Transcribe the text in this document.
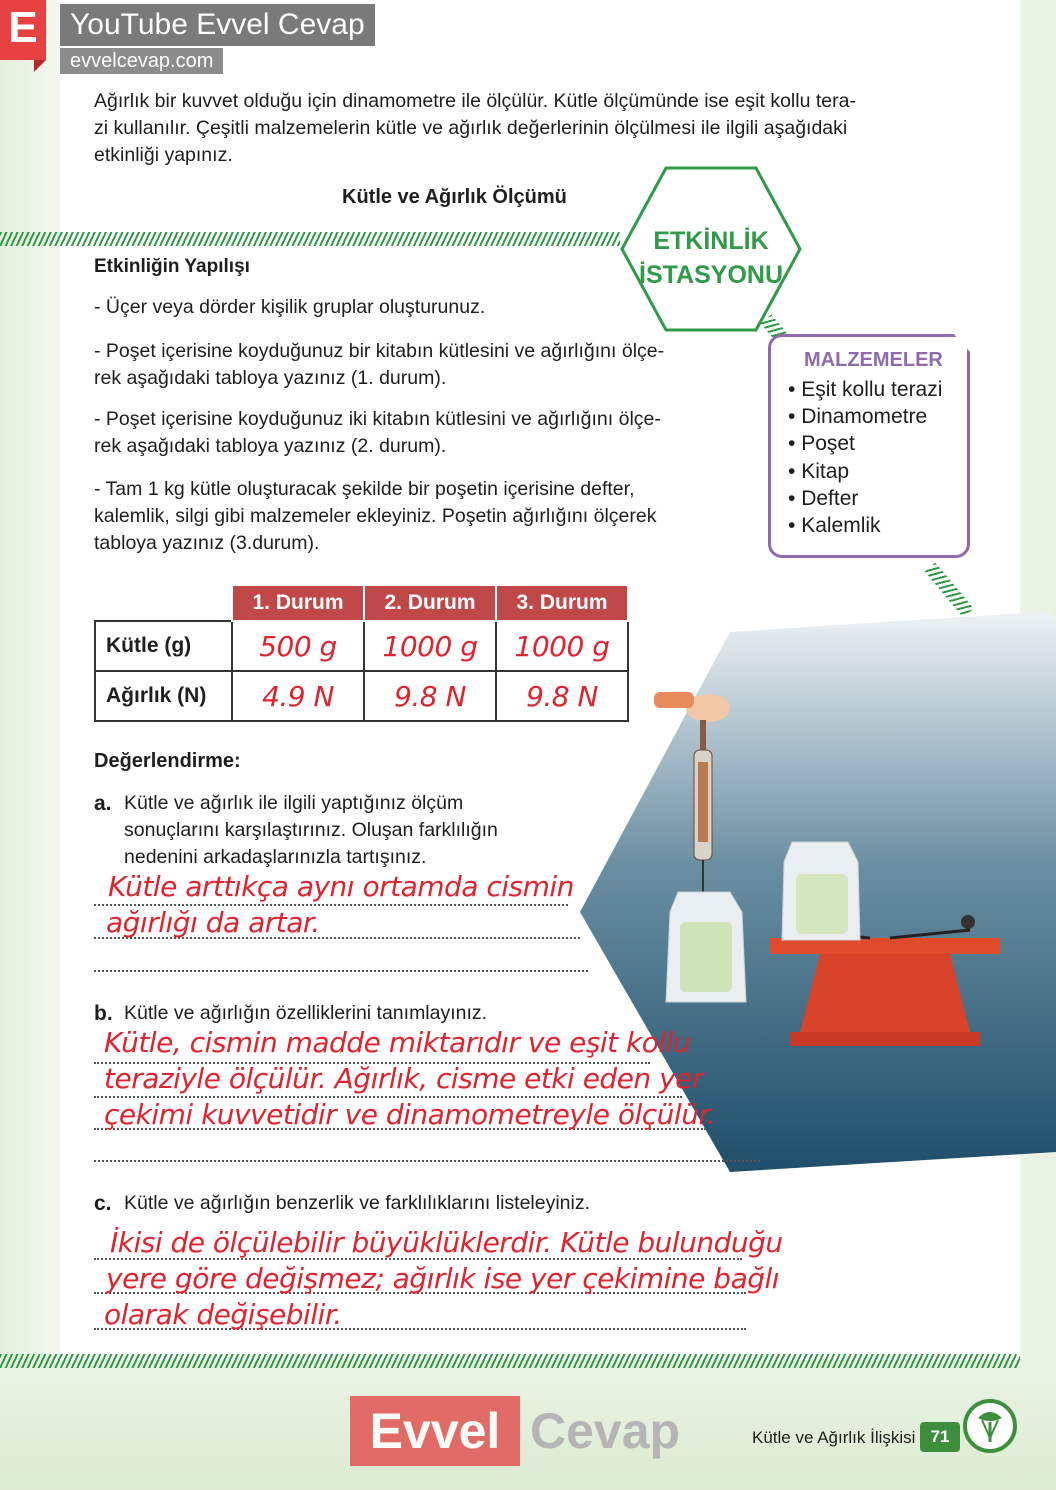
E	YouTube Evvel Cevap
evvelcevap.com
Ağırlık bir kuvvet olduğu için dinamometre ile ölçülür. Kütle ölçümünde ise eşit kollu tera-
zi kullanılır. Çeşitli malzemelerin kütle ve ağırlık değerlerinin ölçülmesi ile ilgili aşağıdaki
etkinliği yapınız.
Kütle ve Ağırlık Ölçümü
ETKİNLİK
İSTASYONU
Etkinliğin Yapılışı
- Üçer veya dörder kişilik gruplar oluşturunuz.
- Poşet içerisine koyduğunuz bir kitabın kütlesini ve ağırlığını ölçe-
rek aşağıdaki tabloya yazınız (1. durum).
- Poşet içerisine koyduğunuz iki kitabın kütlesini ve ağırlığını ölçe-
rek aşağıdaki tabloya yazınız (2. durum).
- Tam 1 kg kütle oluşturacak şekilde bir poşetin içerisine defter,
kalemlik, silgi gibi malzemeler ekleyiniz. Poşetin ağırlığını ölçerek
tabloya yazınız (3.durum).
MALZEMELER
• Eşit kollu terazi
• Dinamometre
• Poşet
• Kitap
• Defter
• Kalemlik
	1. Durum	2. Durum	3. Durum
Kütle (g)	500 g	1000 g	1000 g
Ağırlık (N)	4.9 N	9.8 N	9.8 N
Değerlendirme:
a. Kütle ve ağırlık ile ilgili yaptığınız ölçüm
sonuçlarını karşılaştırınız. Oluşan farklılığın
nedenini arkadaşlarınızla tartışınız.
Kütle arttıkça aynı ortamda cismin
ağırlığı da artar.
b. Kütle ve ağırlığın özelliklerini tanımlayınız.
Kütle, cismin madde miktarıdır ve eşit kollu
teraziyle ölçülür. Ağırlık, cisme etki eden yer
çekimi kuvvetidir ve dinamometreyle ölçülür.
c. Kütle ve ağırlığın benzerlik ve farklılıklarını listeleyiniz.
İkisi de ölçülebilir büyüklüklerdir. Kütle bulunduğu
yere göre değişmez; ağırlık ise yer çekimine bağlı
olarak değişebilir.
Evvel Cevap	Kütle ve Ağırlık İlişkisi 71
